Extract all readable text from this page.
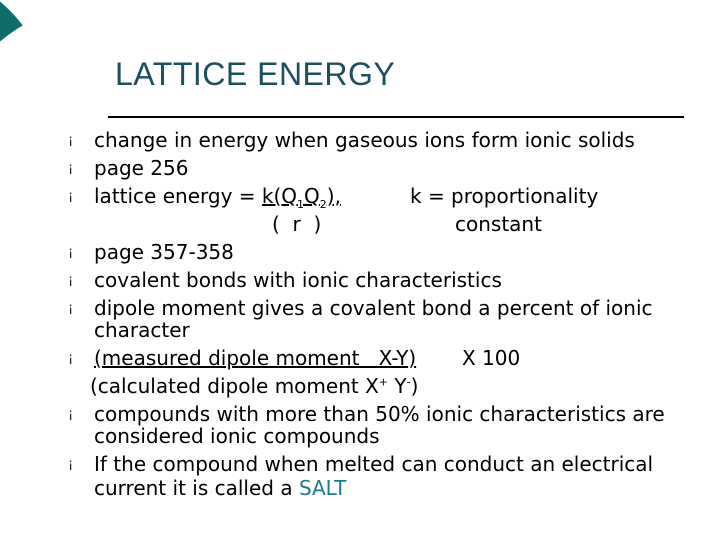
LATTICE ENERGY
¡
¡
¡
¡
¡
¡
¡
¡
¡
change in energy when gaseous ions form ionic solids
page 256
lattice energy = $k(Q_1Q_2)$,	k = proportionality
(  r  )	constant
page 357-358
covalent bonds with ionic characteristics
dipole moment gives a covalent bond a percent of ionic
character
(measured dipole moment   X-Y) X 100
(calculated dipole moment X+ Y-)
compounds with more than 50% ionic characteristics are
considered ionic compounds
If the compound when melted can conduct an electrical
current it is called a SALT
